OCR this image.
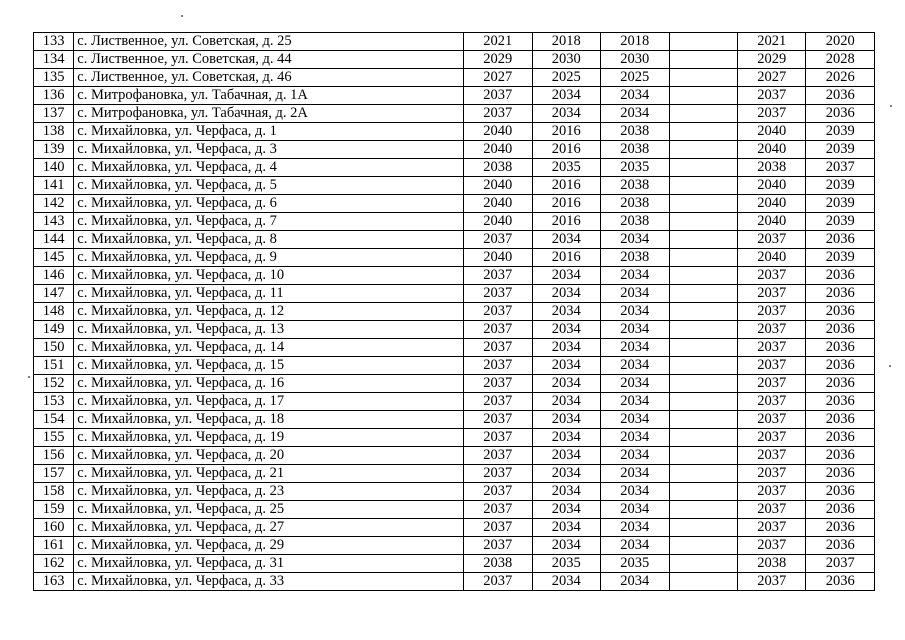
133	с. Лиственное, ул. Советская, д. 25	2021	2018	2018		2021	2020
134	с. Лиственное, ул. Советская, д. 44	2029	2030	2030		2029	2028
135	с. Лиственное, ул. Советская, д. 46	2027	2025	2025		2027	2026
136	с. Митрофановка, ул. Табачная, д. 1А	2037	2034	2034		2037	2036
137	с. Митрофановка, ул. Табачная, д. 2А	2037	2034	2034		2037	2036
138	с. Михайловка, ул. Черфаса, д. 1	2040	2016	2038		2040	2039
139	с. Михайловка, ул. Черфаса, д. 3	2040	2016	2038		2040	2039
140	с. Михайловка, ул. Черфаса, д. 4	2038	2035	2035		2038	2037
141	с. Михайловка, ул. Черфаса, д. 5	2040	2016	2038		2040	2039
142	с. Михайловка, ул. Черфаса, д. 6	2040	2016	2038		2040	2039
143	с. Михайловка, ул. Черфаса, д. 7	2040	2016	2038		2040	2039
144	с. Михайловка, ул. Черфаса, д. 8	2037	2034	2034		2037	2036
145	с. Михайловка, ул. Черфаса, д. 9	2040	2016	2038		2040	2039
146	с. Михайловка, ул. Черфаса, д. 10	2037	2034	2034		2037	2036
147	с. Михайловка, ул. Черфаса, д. 11	2037	2034	2034		2037	2036
148	с. Михайловка, ул. Черфаса, д. 12	2037	2034	2034		2037	2036
149	с. Михайловка, ул. Черфаса, д. 13	2037	2034	2034		2037	2036
150	с. Михайловка, ул. Черфаса, д. 14	2037	2034	2034		2037	2036
151	с. Михайловка, ул. Черфаса, д. 15	2037	2034	2034		2037	2036
152	с. Михайловка, ул. Черфаса, д. 16	2037	2034	2034		2037	2036
153	с. Михайловка, ул. Черфаса, д. 17	2037	2034	2034		2037	2036
154	с. Михайловка, ул. Черфаса, д. 18	2037	2034	2034		2037	2036
155	с. Михайловка, ул. Черфаса, д. 19	2037	2034	2034		2037	2036
156	с. Михайловка, ул. Черфаса, д. 20	2037	2034	2034		2037	2036
157	с. Михайловка, ул. Черфаса, д. 21	2037	2034	2034		2037	2036
158	с. Михайловка, ул. Черфаса, д. 23	2037	2034	2034		2037	2036
159	с. Михайловка, ул. Черфаса, д. 25	2037	2034	2034		2037	2036
160	с. Михайловка, ул. Черфаса, д. 27	2037	2034	2034		2037	2036
161	с. Михайловка, ул. Черфаса, д. 29	2037	2034	2034		2037	2036
162	с. Михайловка, ул. Черфаса, д. 31	2038	2035	2035		2038	2037
163	с. Михайловка, ул. Черфаса, д. 33	2037	2034	2034		2037	2036
